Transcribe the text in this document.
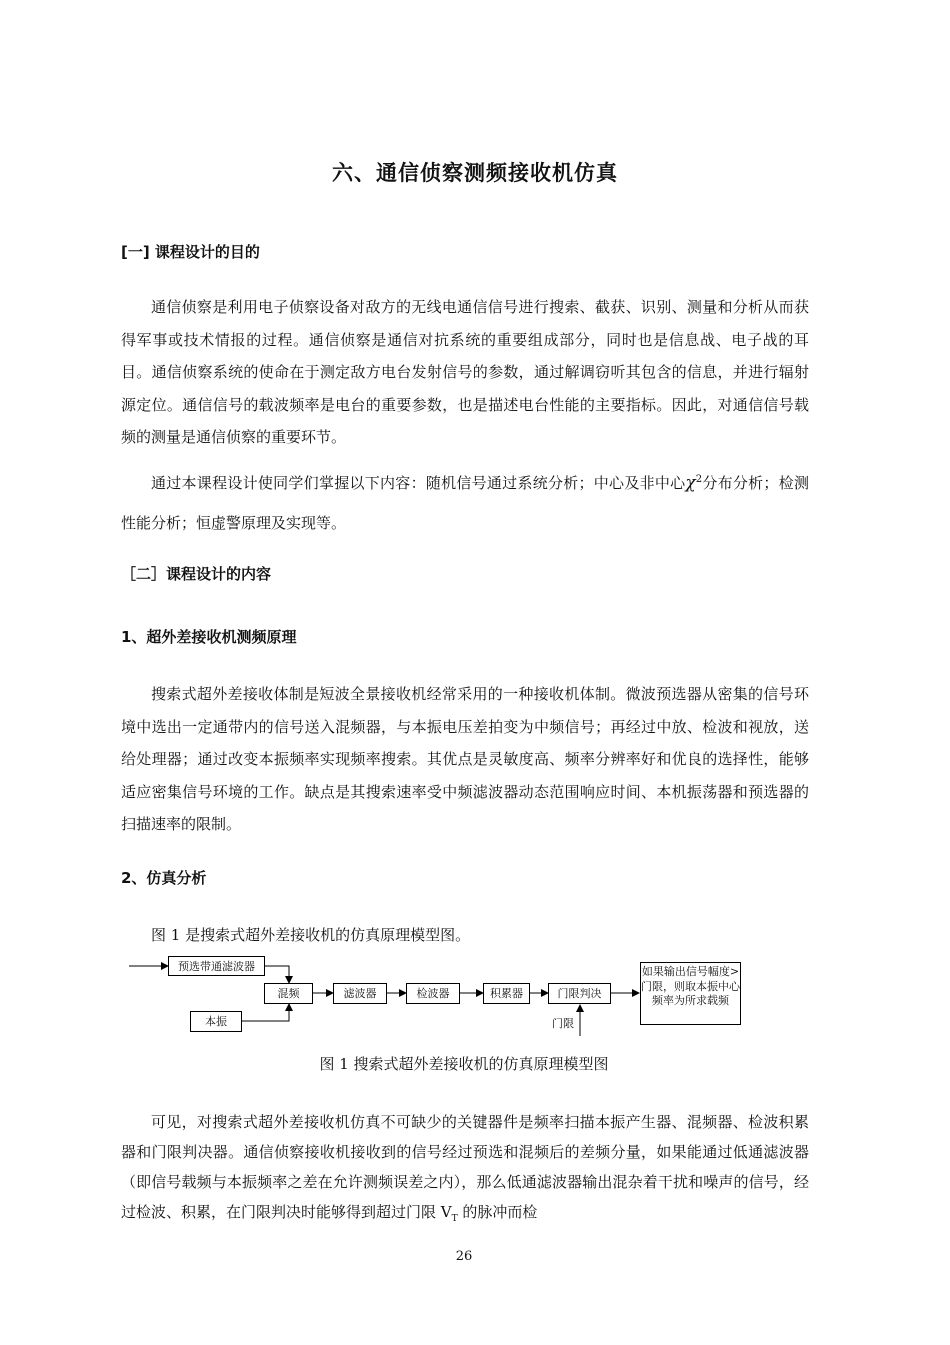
六、通信侦察测频接收机仿真
[一] 课程设计的目的

通信侦察是利用电子侦察设备对敌方的无线电通信信号进行搜索、截获、识别、测量和分析从而获得军事或技术情报的过程。通信侦察是通信对抗系统的重要组成部分，同时也是信息战、电子战的耳目。通信侦察系统的使命在于测定敌方电台发射信号的参数，通过解调窃听其包含的信息，并进行辐射源定位。通信信号的载波频率是电台的重要参数，也是描述电台性能的主要指标。因此，对通信信号载频的测量是通信侦察的重要环节。

通过本课程设计使同学们掌握以下内容：随机信号通过系统分析；中心及非中心$\chi^2$分布分析；检测性能分析；恒虚警原理及实现等。

［二］课程设计的内容
1、超外差接收机测频原理

搜索式超外差接收体制是短波全景接收机经常采用的一种接收机体制。微波预选器从密集的信号环境中选出一定通带内的信号送入混频器，与本振电压差拍变为中频信号；再经过中放、检波和视放，送给处理器；通过改变本振频率实现频率搜索。其优点是灵敏度高、频率分辨率好和优良的选择性，能够适应密集信号环境的工作。缺点是其搜索速率受中频滤波器动态范围响应时间、本机振荡器和预选器的扫描速率的限制。

2、仿真分析

图 1 是搜索式超外差接收机的仿真原理模型图。

预选带通滤波器
混频
本振
滤波器	检波器	积累器	门限判决
门限
如果输出信号幅度>门限，则取本振中心频率为所求载频
图 1 搜索式超外差接收机的仿真原理模型图

可见，对搜索式超外差接收机仿真不可缺少的关键器件是频率扫描本振产生器、混频器、检波积累器和门限判决器。通信侦察接收机接收到的信号经过预选和混频后的差频分量，如果能通过低通滤波器（即信号载频与本振频率之差在允许测频误差之内），那么低通滤波器输出混杂着干扰和噪声的信号，经过检波、积累，在门限判决时能够得到超过门限 $V_T$ 的脉冲而检

26
